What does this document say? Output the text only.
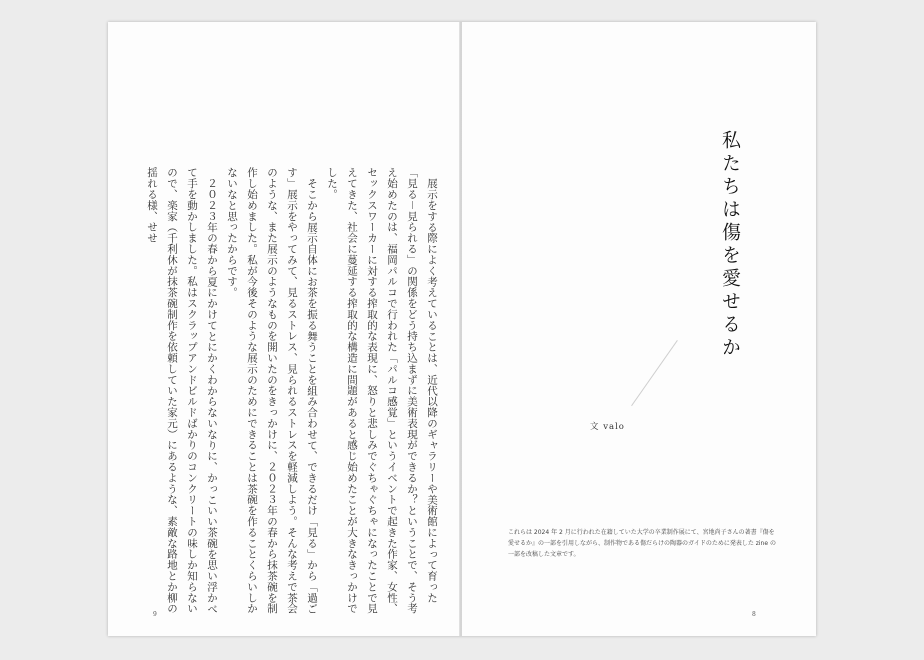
展示をする際によく考えていることは、近代以降のギャラリーや美術館によって育った「見る－見られる」の関係をどう持ち込まずに美術表現ができるか？ということで、そう考え始めたのは、福岡パルコで行われた「パルコ感覚」というイベントで起きた作家、女性、セックスワーカーに対する搾取的な表現に、怒りと悲しみでぐちゃぐちゃになったことで見えてきた、社会に蔓延する搾取的な構造に問題があると感じ始めたことが大きなきっかけでした。

そこから展示自体にお茶を振る舞うことを組み合わせて、できるだけ「見る」から「過ごす」展示をやってみて、見るストレス、見られるストレスを軽減しよう。そんな考えで茶会のような、また展示のようなものを開いたのをきっかけに、２０２３年の春から抹茶碗を制作し始めました。私が今後そのような展示のためにできることは茶碗を作ることくらいしかないなと思ったからです。

２０２３年の春から夏にかけてとにかくわからないなりに、かっこいい茶碗を思い浮かべて手を動かしました。私はスクラップアンドビルドばかりのコンクリートの味しか知らないので、楽家（千利休が抹茶碗制作を依頼していた家元）にあるような、素敵な路地とか柳の揺れる様、せせ

9
私たちは傷を愛せるか
文 valo
これらは 2024 年 2 月に行われた在籍していた大学の卒業制作展にて、宮地尚子さんの著書『傷を愛せるか』の一部を引用しながら、制作物である傷だらけの陶器のガイドのために発表した zine の一部を改稿した文章です。
8
